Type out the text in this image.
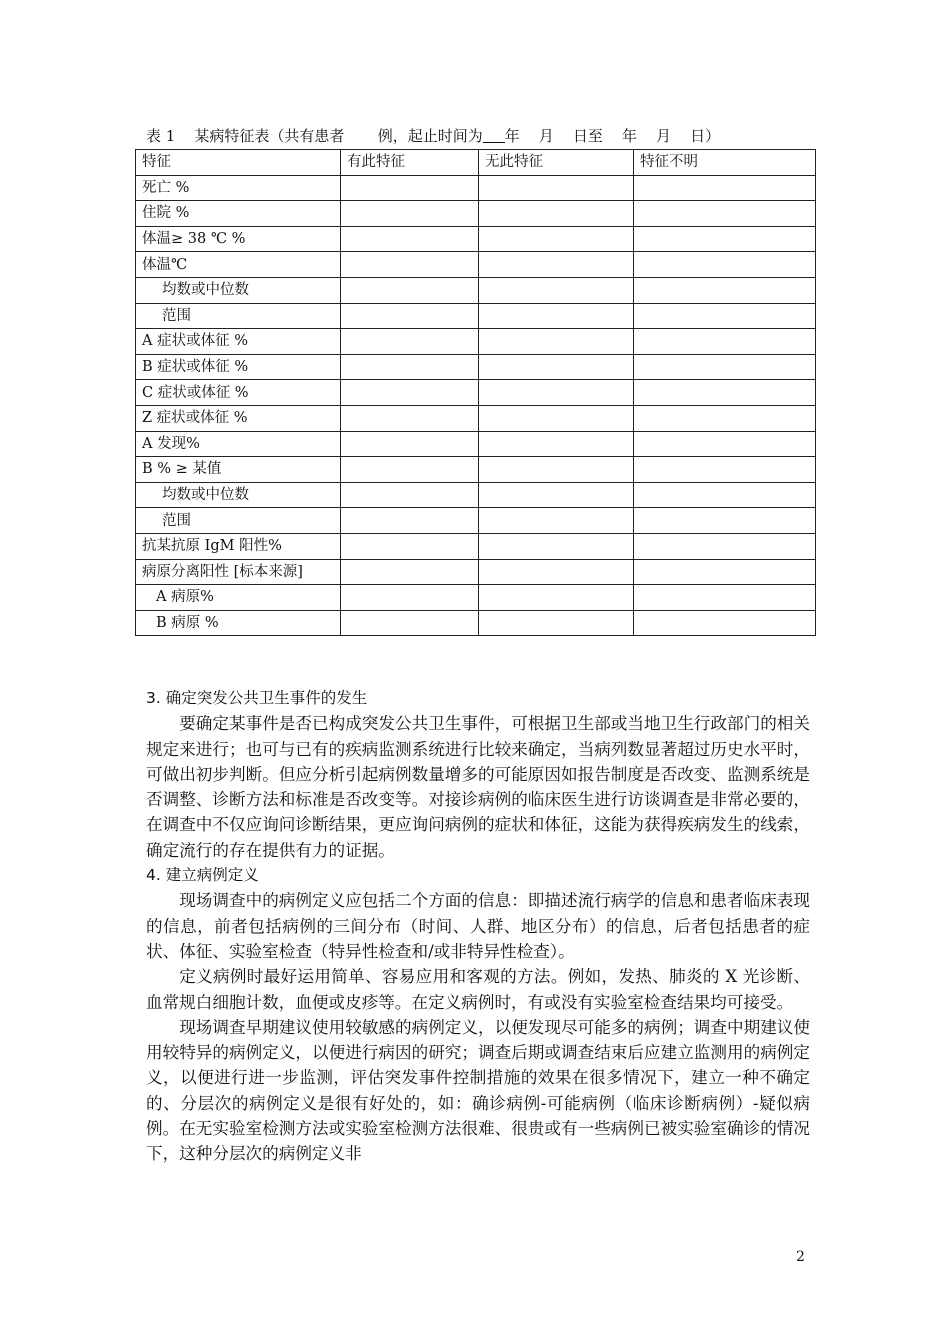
表 1    某病特征表（共有患者       例，起止时间为 年    月    日至    年    月    日）
特征	有此特征	无此特征	特征不明
死亡 %			
住院 %			
体温≥ 38 ℃ %			
体温℃			
均数或中位数			
范围			
A 症状或体征 %			
B 症状或体征 %			
C 症状或体征 %			
Z 症状或体征 %			
A 发现%			
B % ≥ 某值			
均数或中位数			
范围			
抗某抗原 IgM 阳性%			
病原分离阳性 [标本来源]			
A 病原%			
B 病原 %			
3. 确定突发公共卫生事件的发生

要确定某事件是否已构成突发公共卫生事件，可根据卫生部或当地卫生行政部门的相关规定来进行；也可与已有的疾病监测系统进行比较来确定，当病列数显著超过历史水平时，可做出初步判断。但应分析引起病例数量增多的可能原因如报告制度是否改变、监测系统是否调整、诊断方法和标准是否改变等。对接诊病例的临床医生进行访谈调查是非常必要的，在调查中不仅应询问诊断结果，更应询问病例的症状和体征，这能为获得疾病发生的线索，确定流行的存在提供有力的证据。

4. 建立病例定义

现场调查中的病例定义应包括二个方面的信息：即描述流行病学的信息和患者临床表现的信息，前者包括病例的三间分布（时间、人群、地区分布）的信息，后者包括患者的症状、体征、实验室检查（特异性检查和/或非特异性检查）。

定义病例时最好运用简单、容易应用和客观的方法。例如，发热、肺炎的 X 光诊断、血常规白细胞计数，血便或皮疹等。在定义病例时，有或没有实验室检查结果均可接受。

现场调查早期建议使用较敏感的病例定义，以便发现尽可能多的病例；调查中期建议使用较特异的病例定义，以便进行病因的研究；调查后期或调查结束后应建立监测用的病例定义，以便进行进一步监测，评估突发事件控制措施的效果在很多情况下，建立一种不确定的、分层次的病例定义是很有好处的，如：确诊病例-可能病例（临床诊断病例）-疑似病例。在无实验室检测方法或实验室检测方法很难、很贵或有一些病例已被实验室确诊的情况下，这种分层次的病例定义非

2
